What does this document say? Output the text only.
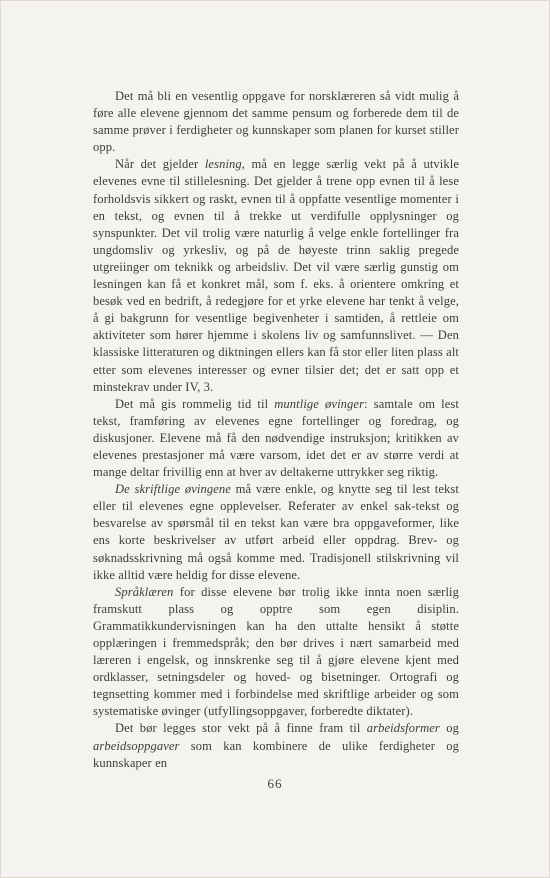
Det må bli en vesentlig oppgave for norsklæreren så vidt mulig å føre alle elevene gjennom det samme pensum og forberede dem til de samme prøver i ferdigheter og kunnskaper som planen for kurset stiller opp.

Når det gjelder lesning, må en legge særlig vekt på å utvikle elevenes evne til stillelesning. Det gjelder å trene opp evnen til å lese forholdsvis sikkert og raskt, evnen til å oppfatte vesentlige momenter i en tekst, og evnen til å trekke ut verdifulle opplysninger og synspunkter. Det vil trolig være naturlig å velge enkle fortellinger fra ungdomsliv og yrkesliv, og på de høyeste trinn saklig pregede utgreiinger om teknikk og arbeidsliv. Det vil være særlig gunstig om lesningen kan få et konkret mål, som f. eks. å orientere omkring et besøk ved en bedrift, å redegjøre for et yrke elevene har tenkt å velge, å gi bakgrunn for vesentlige begivenheter i samtiden, å rettleie om aktiviteter som hører hjemme i skolens liv og samfunnslivet. — Den klassiske litteraturen og diktningen ellers kan få stor eller liten plass alt etter som elevenes interesser og evner tilsier det; det er satt opp et minstekrav under IV, 3.

Det må gis rommelig tid til muntlige øvinger: samtale om lest tekst, framføring av elevenes egne fortellinger og foredrag, og diskusjoner. Elevene må få den nødvendige instruksjon; kritikken av elevenes prestasjoner må være varsom, idet det er av større verdi at mange deltar frivillig enn at hver av deltakerne uttrykker seg riktig.

De skriftlige øvingene må være enkle, og knytte seg til lest tekst eller til elevenes egne opplevelser. Referater av enkel sak-tekst og besvarelse av spørsmål til en tekst kan være bra oppgaveformer, like ens korte beskrivelser av utført arbeid eller oppdrag. Brev- og søknadsskrivning må også komme med. Tradisjonell stilskrivning vil ikke alltid være heldig for disse elevene.

Språklæren for disse elevene bør trolig ikke innta noen særlig framskutt plass og opptre som egen disiplin. Grammatikkundervisningen kan ha den uttalte hensikt å støtte opplæringen i fremmedspråk; den bør drives i nært samarbeid med læreren i engelsk, og innskrenke seg til å gjøre elevene kjent med ordklasser, setningsdeler og hoved- og bisetninger. Ortografi og tegnsetting kommer med i forbindelse med skriftlige arbeider og som systematiske øvinger (utfyllingsoppgaver, forberedte diktater).

Det bør legges stor vekt på å finne fram til arbeidsformer og arbeidsoppgaver som kan kombinere de ulike ferdigheter og kunnskaper en

66
